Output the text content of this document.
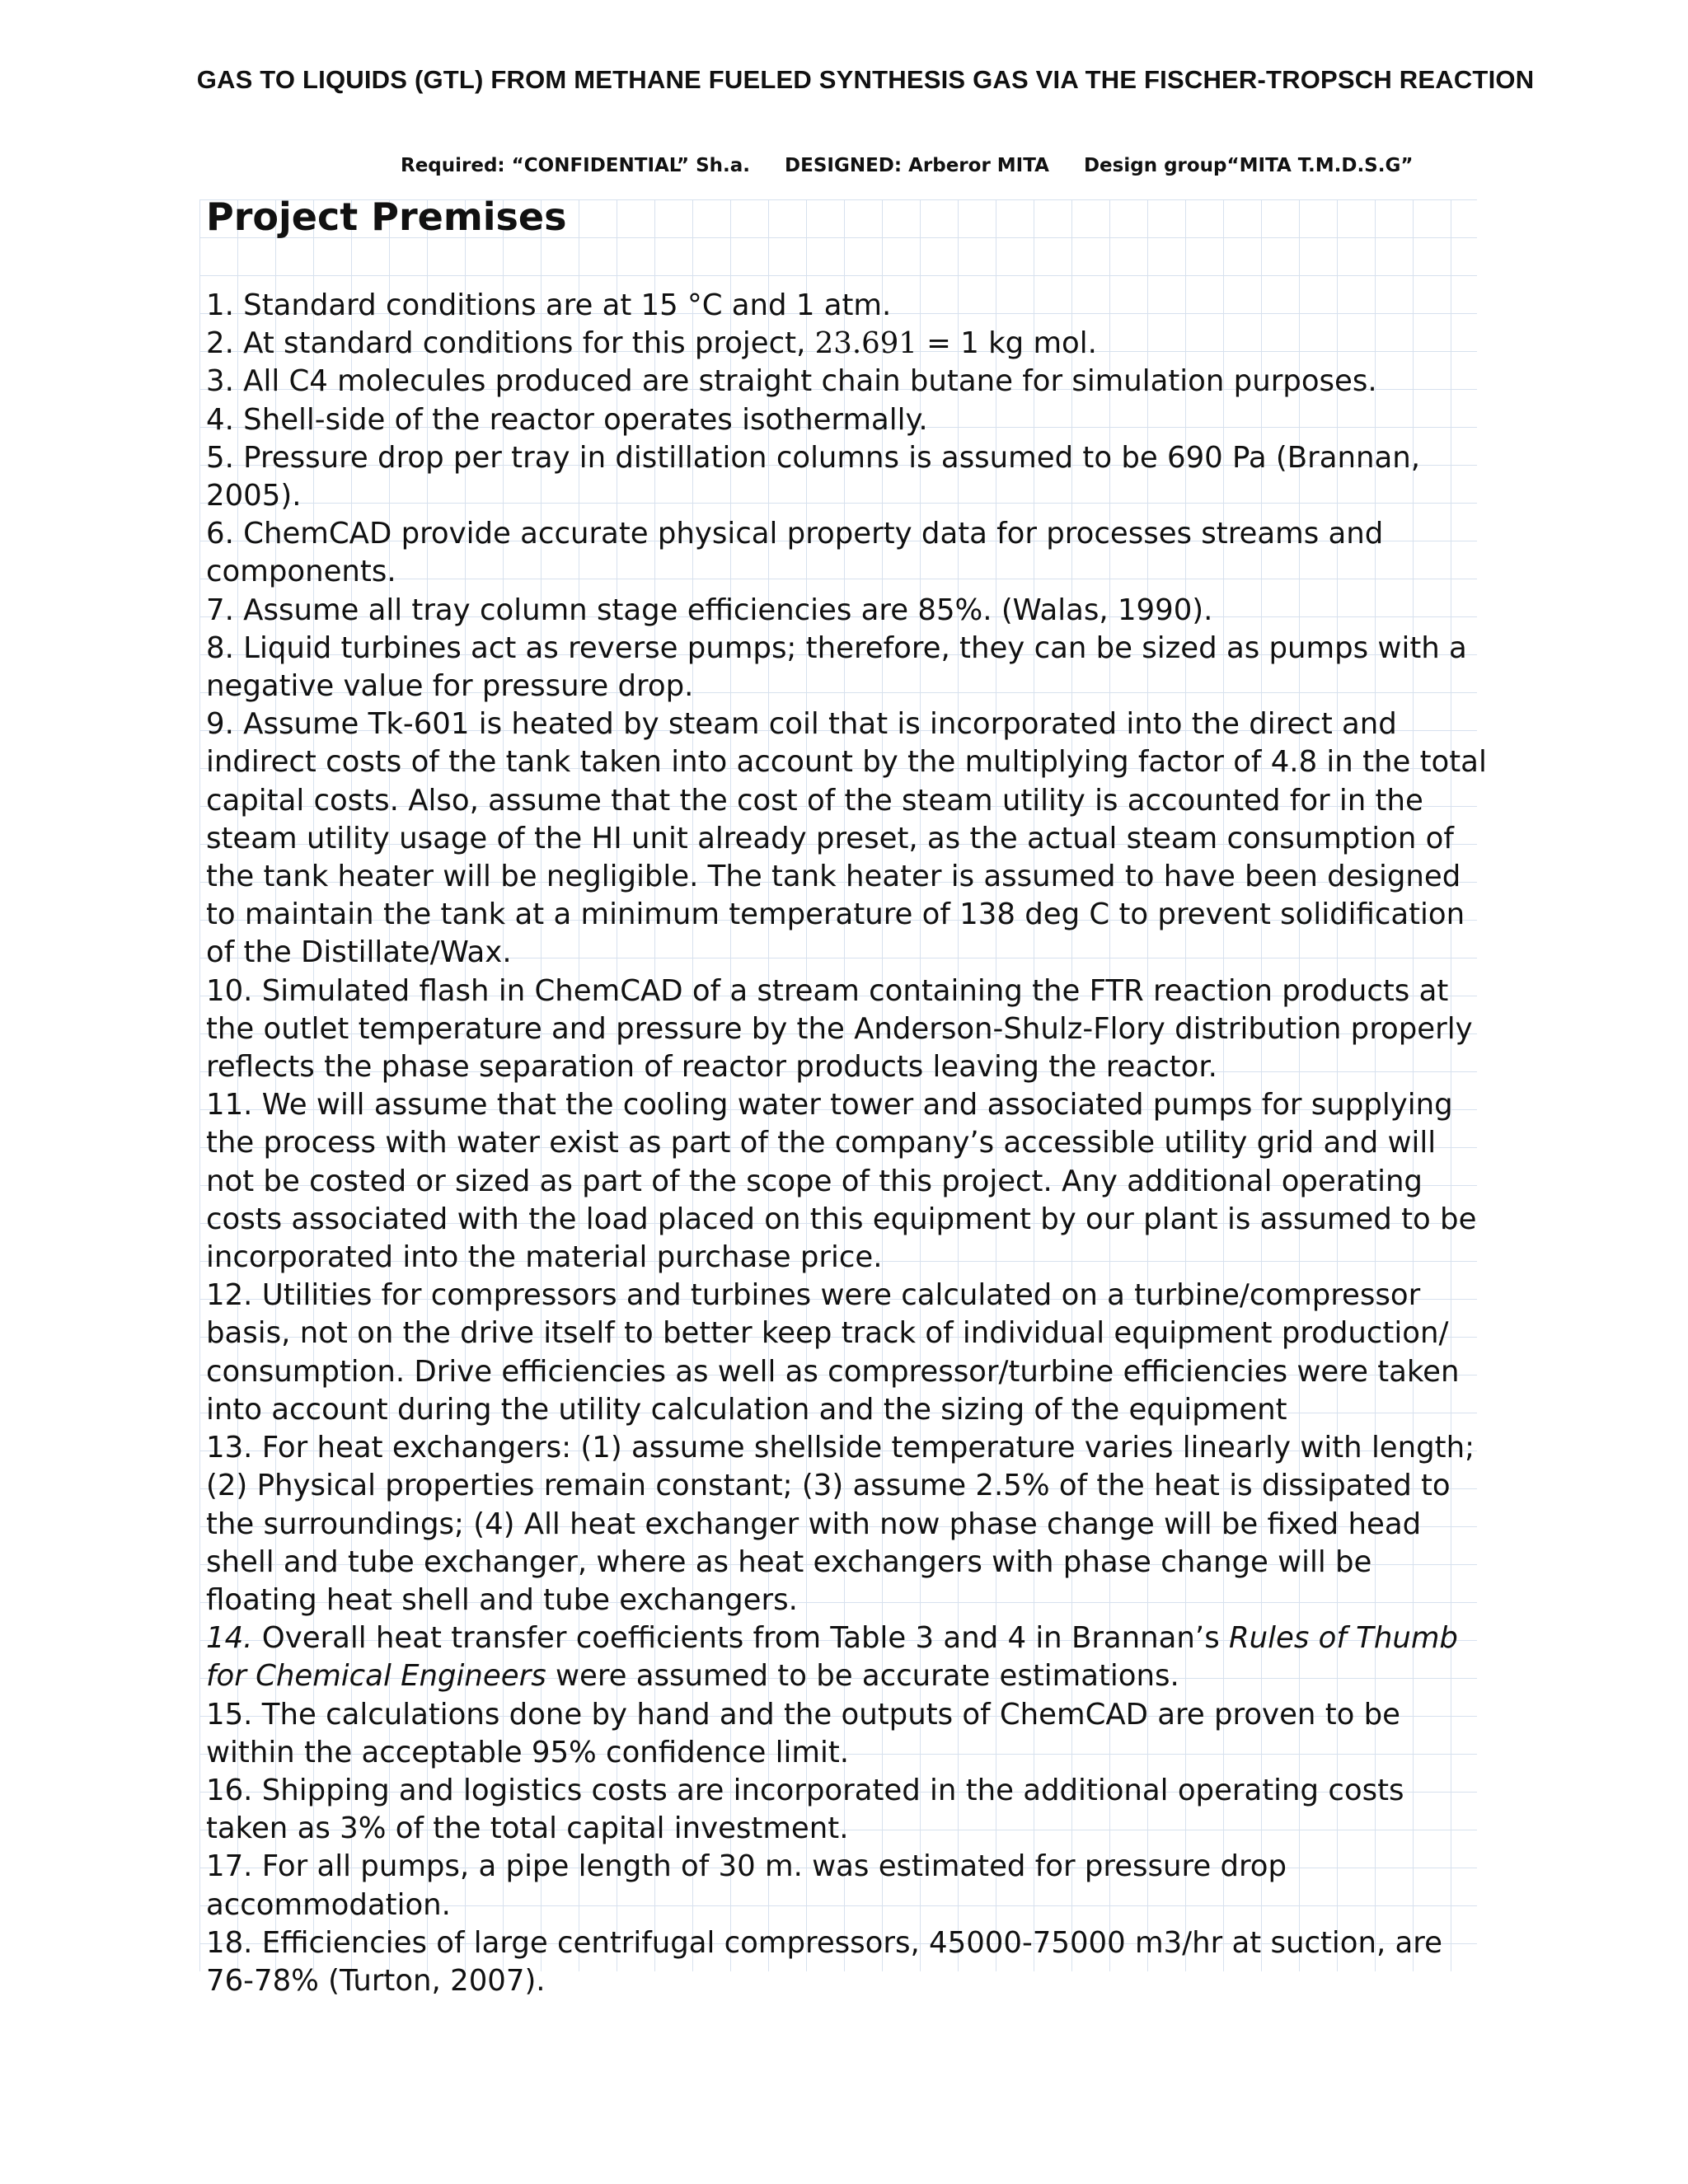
GAS TO LIQUIDS (GTL) FROM METHANE FUELED SYNTHESIS GAS VIA THE FISCHER-TROPSCH REACTION
Required: “CONFIDENTIAL” Sh.a. DESIGNED: Arberor MITA Design group“MITA T.M.D.S.G”
Project Premises
1. Standard conditions are at 15 °C and 1 atm.
2. At standard conditions for this project, 23.691 = 1 kg mol.
3. All C4 molecules produced are straight chain butane for simulation purposes.
4. Shell-side of the reactor operates isothermally.
5. Pressure drop per tray in distillation columns is assumed to be 690 Pa (Brannan, 2005).
6. ChemCAD provide accurate physical property data for processes streams and components.
7. Assume all tray column stage efficiencies are 85%. (Walas, 1990).
8. Liquid turbines act as reverse pumps; therefore, they can be sized as pumps with a negative value for pressure drop.
9. Assume Tk-601 is heated by steam coil that is incorporated into the direct and indirect costs of the tank taken into account by the multiplying factor of 4.8 in the total capital costs. Also, assume that the cost of the steam utility is accounted for in the steam utility usage of the HI unit already preset, as the actual steam consumption of the tank heater will be negligible. The tank heater is assumed to have been designed to maintain the tank at a minimum temperature of 138 deg C to prevent solidification of the Distillate/Wax.
10. Simulated flash in ChemCAD of a stream containing the FTR reaction products at the outlet temperature and pressure by the Anderson-Shulz-Flory distribution properly reflects the phase separation of reactor products leaving the reactor.
11. We will assume that the cooling water tower and associated pumps for supplying the process with water exist as part of the company’s accessible utility grid and will not be costed or sized as part of the scope of this project. Any additional operating costs associated with the load placed on this equipment by our plant is assumed to be incorporated into the material purchase price.
12. Utilities for compressors and turbines were calculated on a turbine/compressor basis, not on the drive itself to better keep track of individual equipment production/ consumption. Drive efficiencies as well as compressor/turbine efficiencies were taken into account during the utility calculation and the sizing of the equipment
13. For heat exchangers: (1) assume shellside temperature varies linearly with length; (2) Physical properties remain constant; (3) assume 2.5% of the heat is dissipated to the surroundings; (4) All heat exchanger with now phase change will be fixed head shell and tube exchanger, where as heat exchangers with phase change will be floating heat shell and tube exchangers.
14. Overall heat transfer coefficients from Table 3 and 4 in Brannan’s Rules of Thumb for Chemical Engineers were assumed to be accurate estimations.
15. The calculations done by hand and the outputs of ChemCAD are proven to be within the acceptable 95% confidence limit.
16. Shipping and logistics costs are incorporated in the additional operating costs taken as 3% of the total capital investment.
17. For all pumps, a pipe length of 30 m. was estimated for pressure drop accommodation.
18. Efficiencies of large centrifugal compressors, 45000-75000 m3/hr at suction, are 76-78% (Turton, 2007).
